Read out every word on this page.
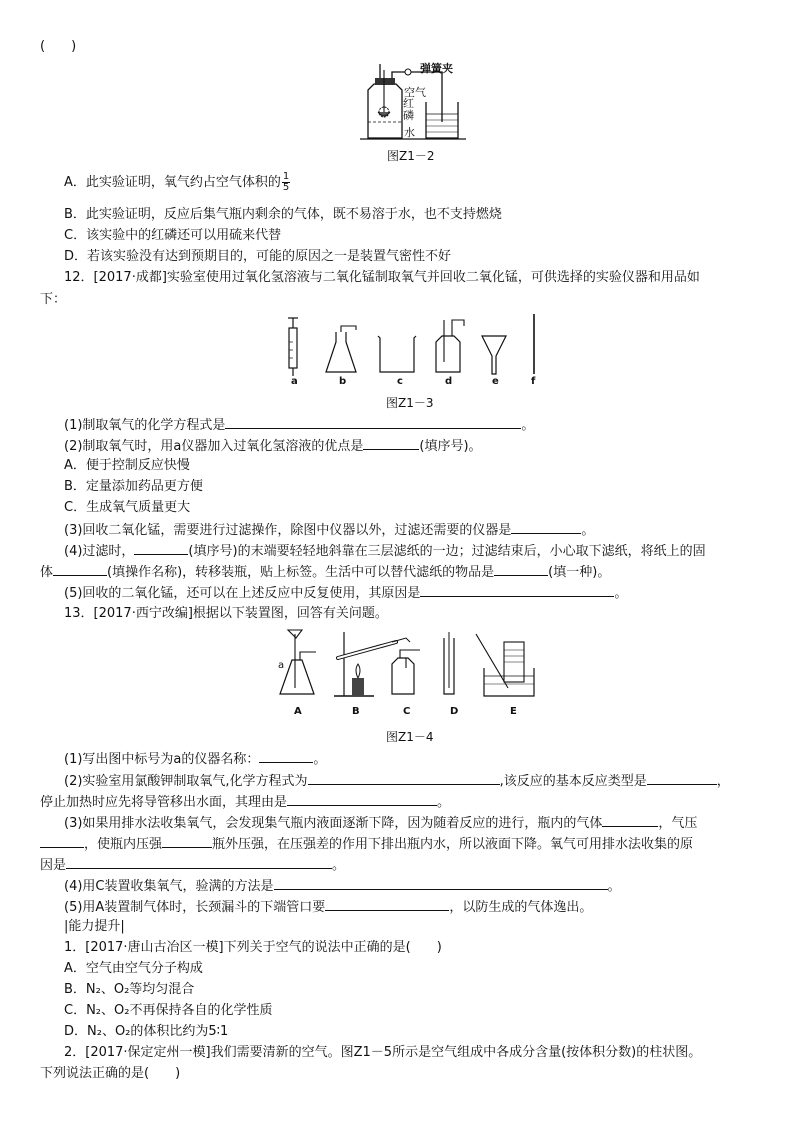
(　　)
弹簧夹
空气
红磷
水
图Z1－2
A．此实验证明，氧气约占空气体积的 $\frac{1}{5}$
B．此实验证明，反应后集气瓶内剩余的气体，既不易溶于水，也不支持燃烧
C．该实验中的红磷还可以用硫来代替
D．若该实验没有达到预期目的，可能的原因之一是装置气密性不好
12．[2017·成都]实验室使用过氧化氢溶液与二氧化锰制取氧气并回收二氧化锰，可供选择的实验仪器和用品如
下：
a	b	c	d	e	f
图Z1－3
(1)制取氧气的化学方程式是	。
(2)制取氧气时，用a仪器加入过氧化氢溶液的优点是	(填序号)。
A．便于控制反应快慢
B．定量添加药品更方便
C．生成氧气质量更大
(3)回收二氧化锰，需要进行过滤操作，除图中仪器以外，过滤还需要的仪器是	。
(4)过滤时，	(填序号)的末端要轻轻地斜靠在三层滤纸的一边；过滤结束后，小心取下滤纸，将纸上的固
体	(填操作名称)，转移装瓶，贴上标签。生活中可以替代滤纸的物品是	(填一种)。
(5)回收的二氧化锰，还可以在上述反应中反复使用，其原因是	。
13．[2017·西宁改编]根据以下装置图，回答有关问题。
a
A	B	C	D	E
图Z1－4
(1)写出图中标号为a的仪器名称：	。
(2)实验室用氯酸钾制取氧气,化学方程式为	,该反应的基本反应类型是	，
停止加热时应先将导管移出水面，其理由是	。
(3)如果用排水法收集氧气，会发现集气瓶内液面逐渐下降，因为随着反应的进行，瓶内的气体	，气压
，使瓶内压强	瓶外压强，在压强差的作用下排出瓶内水，所以液面下降。氧气可用排水法收集的原
因是	。
(4)用C装置收集氧气，验满的方法是	。
(5)用A装置制气体时，长颈漏斗的下端管口要	，以防生成的气体逸出。
|能力提升|
1．[2017·唐山古冶区一模]下列关于空气的说法中正确的是(　　)
A．空气由空气分子构成
B．N₂、O₂等均匀混合
C．N₂、O₂不再保持各自的化学性质
D．N₂、O₂的体积比约为5∶1
2．[2017·保定定州一模]我们需要清新的空气。图Z1－5所示是空气组成中各成分含量(按体积分数)的柱状图。
下列说法正确的是(　　)
